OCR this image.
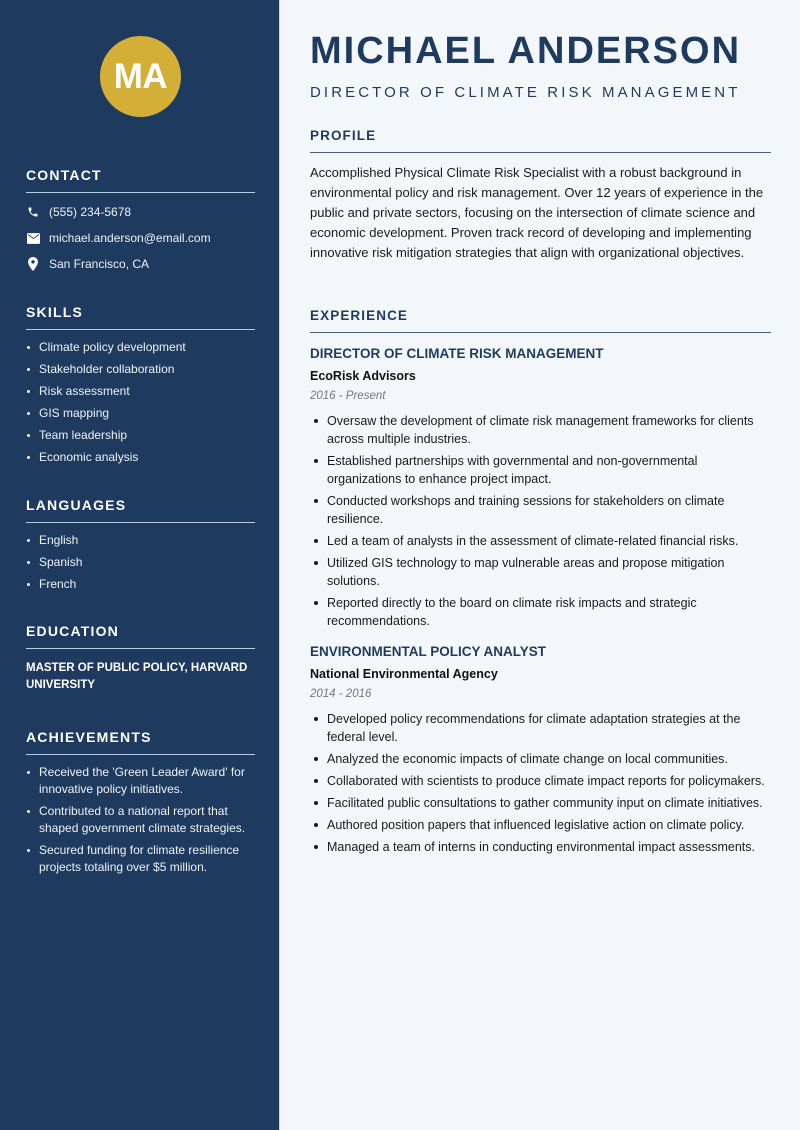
MA
CONTACT
(555) 234-5678
michael.anderson@email.com
San Francisco, CA
SKILLS
Climate policy development
Stakeholder collaboration
Risk assessment
GIS mapping
Team leadership
Economic analysis
LANGUAGES
English
Spanish
French
EDUCATION
MASTER OF PUBLIC POLICY, HARVARD UNIVERSITY
ACHIEVEMENTS
Received the 'Green Leader Award' for innovative policy initiatives.
Contributed to a national report that shaped government climate strategies.
Secured funding for climate resilience projects totaling over $5 million.
MICHAEL ANDERSON
DIRECTOR OF CLIMATE RISK MANAGEMENT
PROFILE

Accomplished Physical Climate Risk Specialist with a robust background in environmental policy and risk management. Over 12 years of experience in the public and private sectors, focusing on the intersection of climate science and economic development. Proven track record of developing and implementing innovative risk mitigation strategies that align with organizational objectives.

EXPERIENCE
DIRECTOR OF CLIMATE RISK MANAGEMENT
EcoRisk Advisors
2016 - Present
Oversaw the development of climate risk management frameworks for clients across multiple industries.
Established partnerships with governmental and non-governmental organizations to enhance project impact.
Conducted workshops and training sessions for stakeholders on climate resilience.
Led a team of analysts in the assessment of climate-related financial risks.
Utilized GIS technology to map vulnerable areas and propose mitigation solutions.
Reported directly to the board on climate risk impacts and strategic recommendations.
ENVIRONMENTAL POLICY ANALYST
National Environmental Agency
2014 - 2016
Developed policy recommendations for climate adaptation strategies at the federal level.
Analyzed the economic impacts of climate change on local communities.
Collaborated with scientists to produce climate impact reports for policymakers.
Facilitated public consultations to gather community input on climate initiatives.
Authored position papers that influenced legislative action on climate policy.
Managed a team of interns in conducting environmental impact assessments.
